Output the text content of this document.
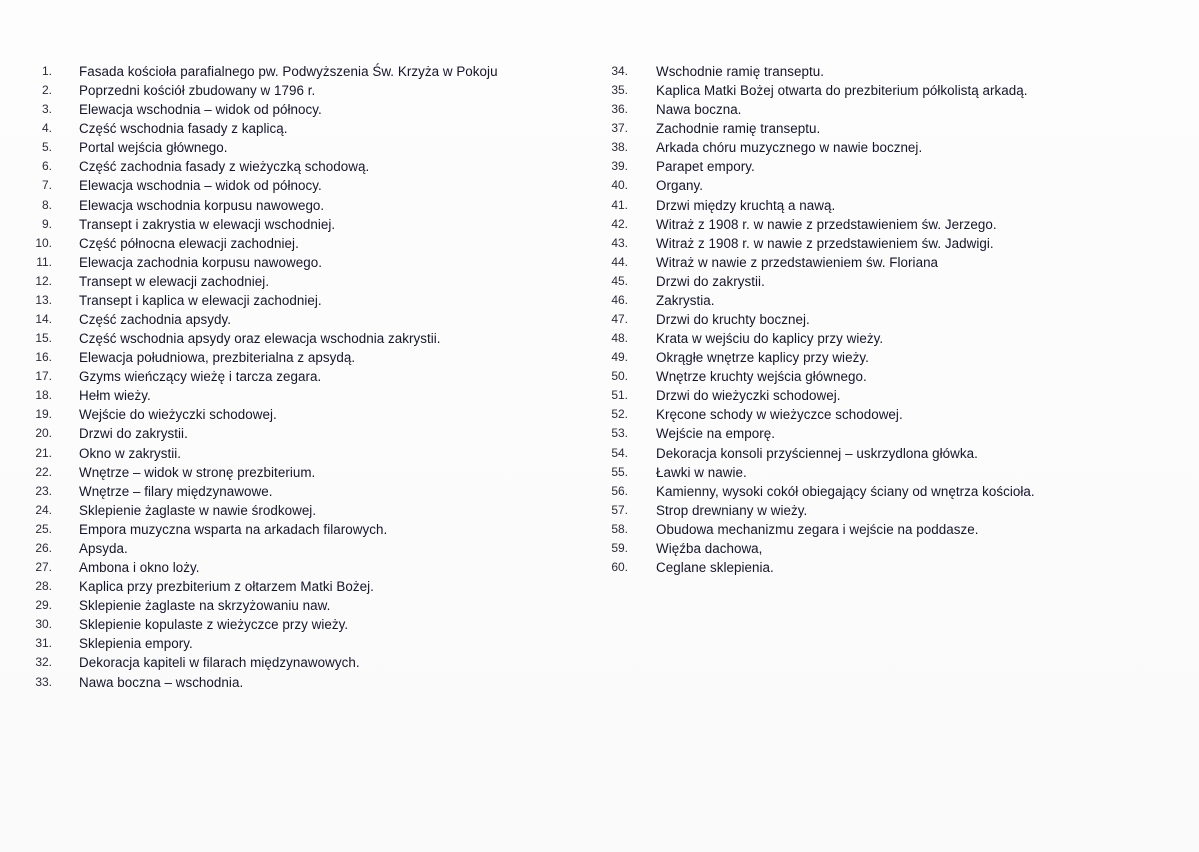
1. Fasada kościoła parafialnego pw. Podwyższenia Św. Krzyża w Pokoju
2. Poprzedni kościół zbudowany w 1796 r.
3. Elewacja wschodnia – widok od północy.
4. Część wschodnia fasady z kaplicą.
5. Portal wejścia głównego.
6. Część zachodnia fasady z wieżyczką schodową.
7. Elewacja wschodnia – widok od północy.
8. Elewacja wschodnia korpusu nawowego.
9. Transept i zakrystia w elewacji wschodniej.
10. Część północna elewacji zachodniej.
11. Elewacja zachodnia korpusu nawowego.
12. Transept w elewacji zachodniej.
13. Transept i kaplica w elewacji zachodniej.
14. Część zachodnia apsydy.
15. Część wschodnia apsydy oraz elewacja wschodnia zakrystii.
16. Elewacja południowa, prezbiterialna z apsydą.
17. Gzyms wieńczący wieżę i tarcza zegara.
18. Hełm wieży.
19. Wejście do wieżyczki schodowej.
20. Drzwi do zakrystii.
21. Okno w zakrystii.
22. Wnętrze – widok w stronę prezbiterium.
23. Wnętrze – filary międzynawowe.
24. Sklepienie żaglaste w nawie środkowej.
25. Empora muzyczna wsparta na arkadach filarowych.
26. Apsyda.
27. Ambona i okno loży.
28. Kaplica przy prezbiterium z ołtarzem Matki Bożej.
29. Sklepienie żaglaste na skrzyżowaniu naw.
30. Sklepienie kopulaste z wieżyczce przy wieży.
31. Sklepienia empory.
32. Dekoracja kapiteli w filarach międzynawowych.
33. Nawa boczna – wschodnia.
34. Wschodnie ramię transeptu.
35. Kaplica Matki Bożej otwarta do prezbiterium półkolistą arkadą.
36. Nawa boczna.
37. Zachodnie ramię transeptu.
38. Arkada chóru muzycznego w nawie bocznej.
39. Parapet empory.
40. Organy.
41. Drzwi między kruchtą a nawą.
42. Witraż z 1908 r. w nawie z przedstawieniem św. Jerzego.
43. Witraż z 1908 r. w nawie z przedstawieniem św. Jadwigi.
44. Witraż w nawie z przedstawieniem św. Floriana
45. Drzwi do zakrystii.
46. Zakrystia.
47. Drzwi do kruchty bocznej.
48. Krata w wejściu do kaplicy przy wieży.
49. Okrągłe wnętrze kaplicy przy wieży.
50. Wnętrze kruchty wejścia głównego.
51. Drzwi do wieżyczki schodowej.
52. Kręcone schody w wieżyczce schodowej.
53. Wejście na emporę.
54. Dekoracja konsoli przyściennej – uskrzydlona główka.
55. Ławki w nawie.
56. Kamienny, wysoki cokół obiegający ściany od wnętrza kościoła.
57. Strop drewniany w wieży.
58. Obudowa mechanizmu zegara i wejście na poddasze.
59. Więźba dachowa,
60. Ceglane sklepienia.
